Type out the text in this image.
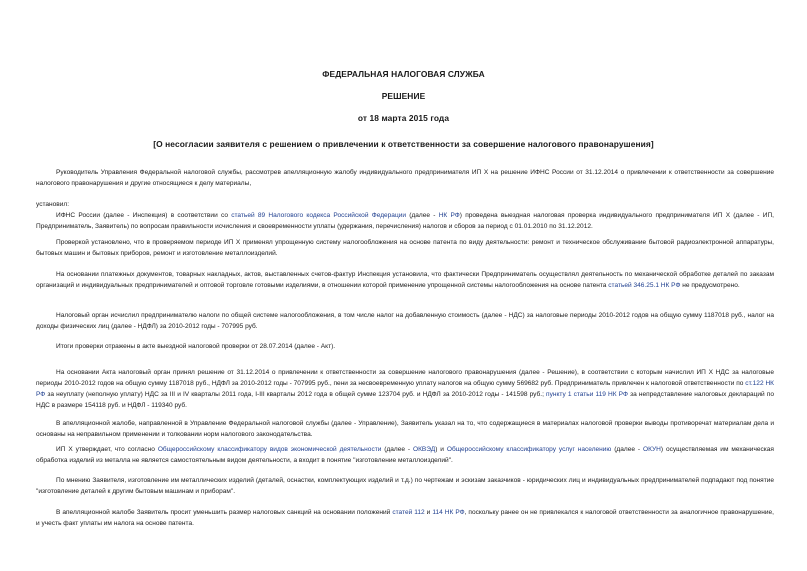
ФЕДЕРАЛЬНАЯ НАЛОГОВАЯ СЛУЖБА
РЕШЕНИЕ
от 18 марта 2015 года
[О несогласии заявителя с решением о привлечении к ответственности за совершение налогового правонарушения]
Руководитель Управления Федеральной налоговой службы, рассмотрев апелляционную жалобу индивидуального предпринимателя ИП Х на решение ИФНС России от 31.12.2014 о привлечении к ответственности за совершение налогового правонарушения и другие относящиеся к делу материалы,
установил:
ИФНС России (далее - Инспекция) в соответствии со статьей 89 Налогового кодекса Российской Федерации (далее - НК РФ) проведена выездная налоговая проверка индивидуального предпринимателя ИП Х (далее - ИП, Предприниматель, Заявитель) по вопросам правильности исчисления и своевременности уплаты (удержания, перечисления) налогов и сборов за период с 01.01.2010 по 31.12.2012.
Проверкой установлено, что в проверяемом периоде ИП Х применял упрощенную систему налогообложения на основе патента по виду деятельности: ремонт и техническое обслуживание бытовой радиоэлектронной аппаратуры, бытовых машин и бытовых приборов, ремонт и изготовление металлоизделий.
На основании платежных документов, товарных накладных, актов, выставленных счетов-фактур Инспекция установила, что фактически Предприниматель осуществлял деятельность по механической обработке деталей по заказам организаций и индивидуальных предпринимателей и оптовой торговле готовыми изделиями, в отношении которой применение упрощенной системы налогообложения на основе патента статьей 346.25.1 НК РФ не предусмотрено.
Налоговый орган исчислил предпринимателю налоги по общей системе налогообложения, в том числе налог на добавленную стоимость (далее - НДС) за налоговые периоды 2010-2012 годов на общую сумму 1187018 руб., налог на доходы физических лиц (далее - НДФЛ) за 2010-2012 годы - 707995 руб.
Итоги проверки отражены в акте выездной налоговой проверки от 28.07.2014 (далее - Акт).
На основании Акта налоговый орган принял решение от 31.12.2014 о привлечении к ответственности за совершение налогового правонарушения (далее - Решение), в соответствии с которым начислил ИП Х НДС за налоговые периоды 2010-2012 годов на общую сумму 1187018 руб., НДФЛ за 2010-2012 годы - 707995 руб., пени за несвоевременную уплату налогов на общую сумму 569682 руб. Предприниматель привлечен к налоговой ответственности по ст.122 НК РФ за неуплату (неполную уплату) НДС за III и IV кварталы 2011 года, I-III кварталы 2012 года в общей сумме 123704 руб. и НДФЛ за 2010-2012 годы - 141598 руб.; пункту 1 статьи 119 НК РФ за непредставление налоговых деклараций по НДС в размере 154118 руб. и НДФЛ - 119340 руб.
В апелляционной жалобе, направленной в Управление Федеральной налоговой службы (далее - Управление), Заявитель указал на то, что содержащиеся в материалах налоговой проверки выводы противоречат материалам дела и основаны на неправильном применении и толковании норм налогового законодательства.
ИП Х утверждает, что согласно Общероссийскому классификатору видов экономической деятельности (далее - ОКВЭД) и Общероссийскому классификатору услуг населению (далее - ОКУН) осуществляемая им механическая обработка изделий из металла не является самостоятельным видом деятельности, а входит в понятие "изготовление металлоизделий".
По мнению Заявителя, изготовление им металлических изделий (деталей, оснастки, комплектующих изделий и т.д.) по чертежам и эскизам заказчиков - юридических лиц и индивидуальных предпринимателей подпадают под понятие "изготовление деталей к другим бытовым машинам и приборам".
В апелляционной жалобе Заявитель просит уменьшить размер налоговых санкций на основании положений статей 112 и 114 НК РФ, поскольку ранее он не привлекался к налоговой ответственности за аналогичное правонарушение, и учесть факт уплаты им налога на основе патента.
